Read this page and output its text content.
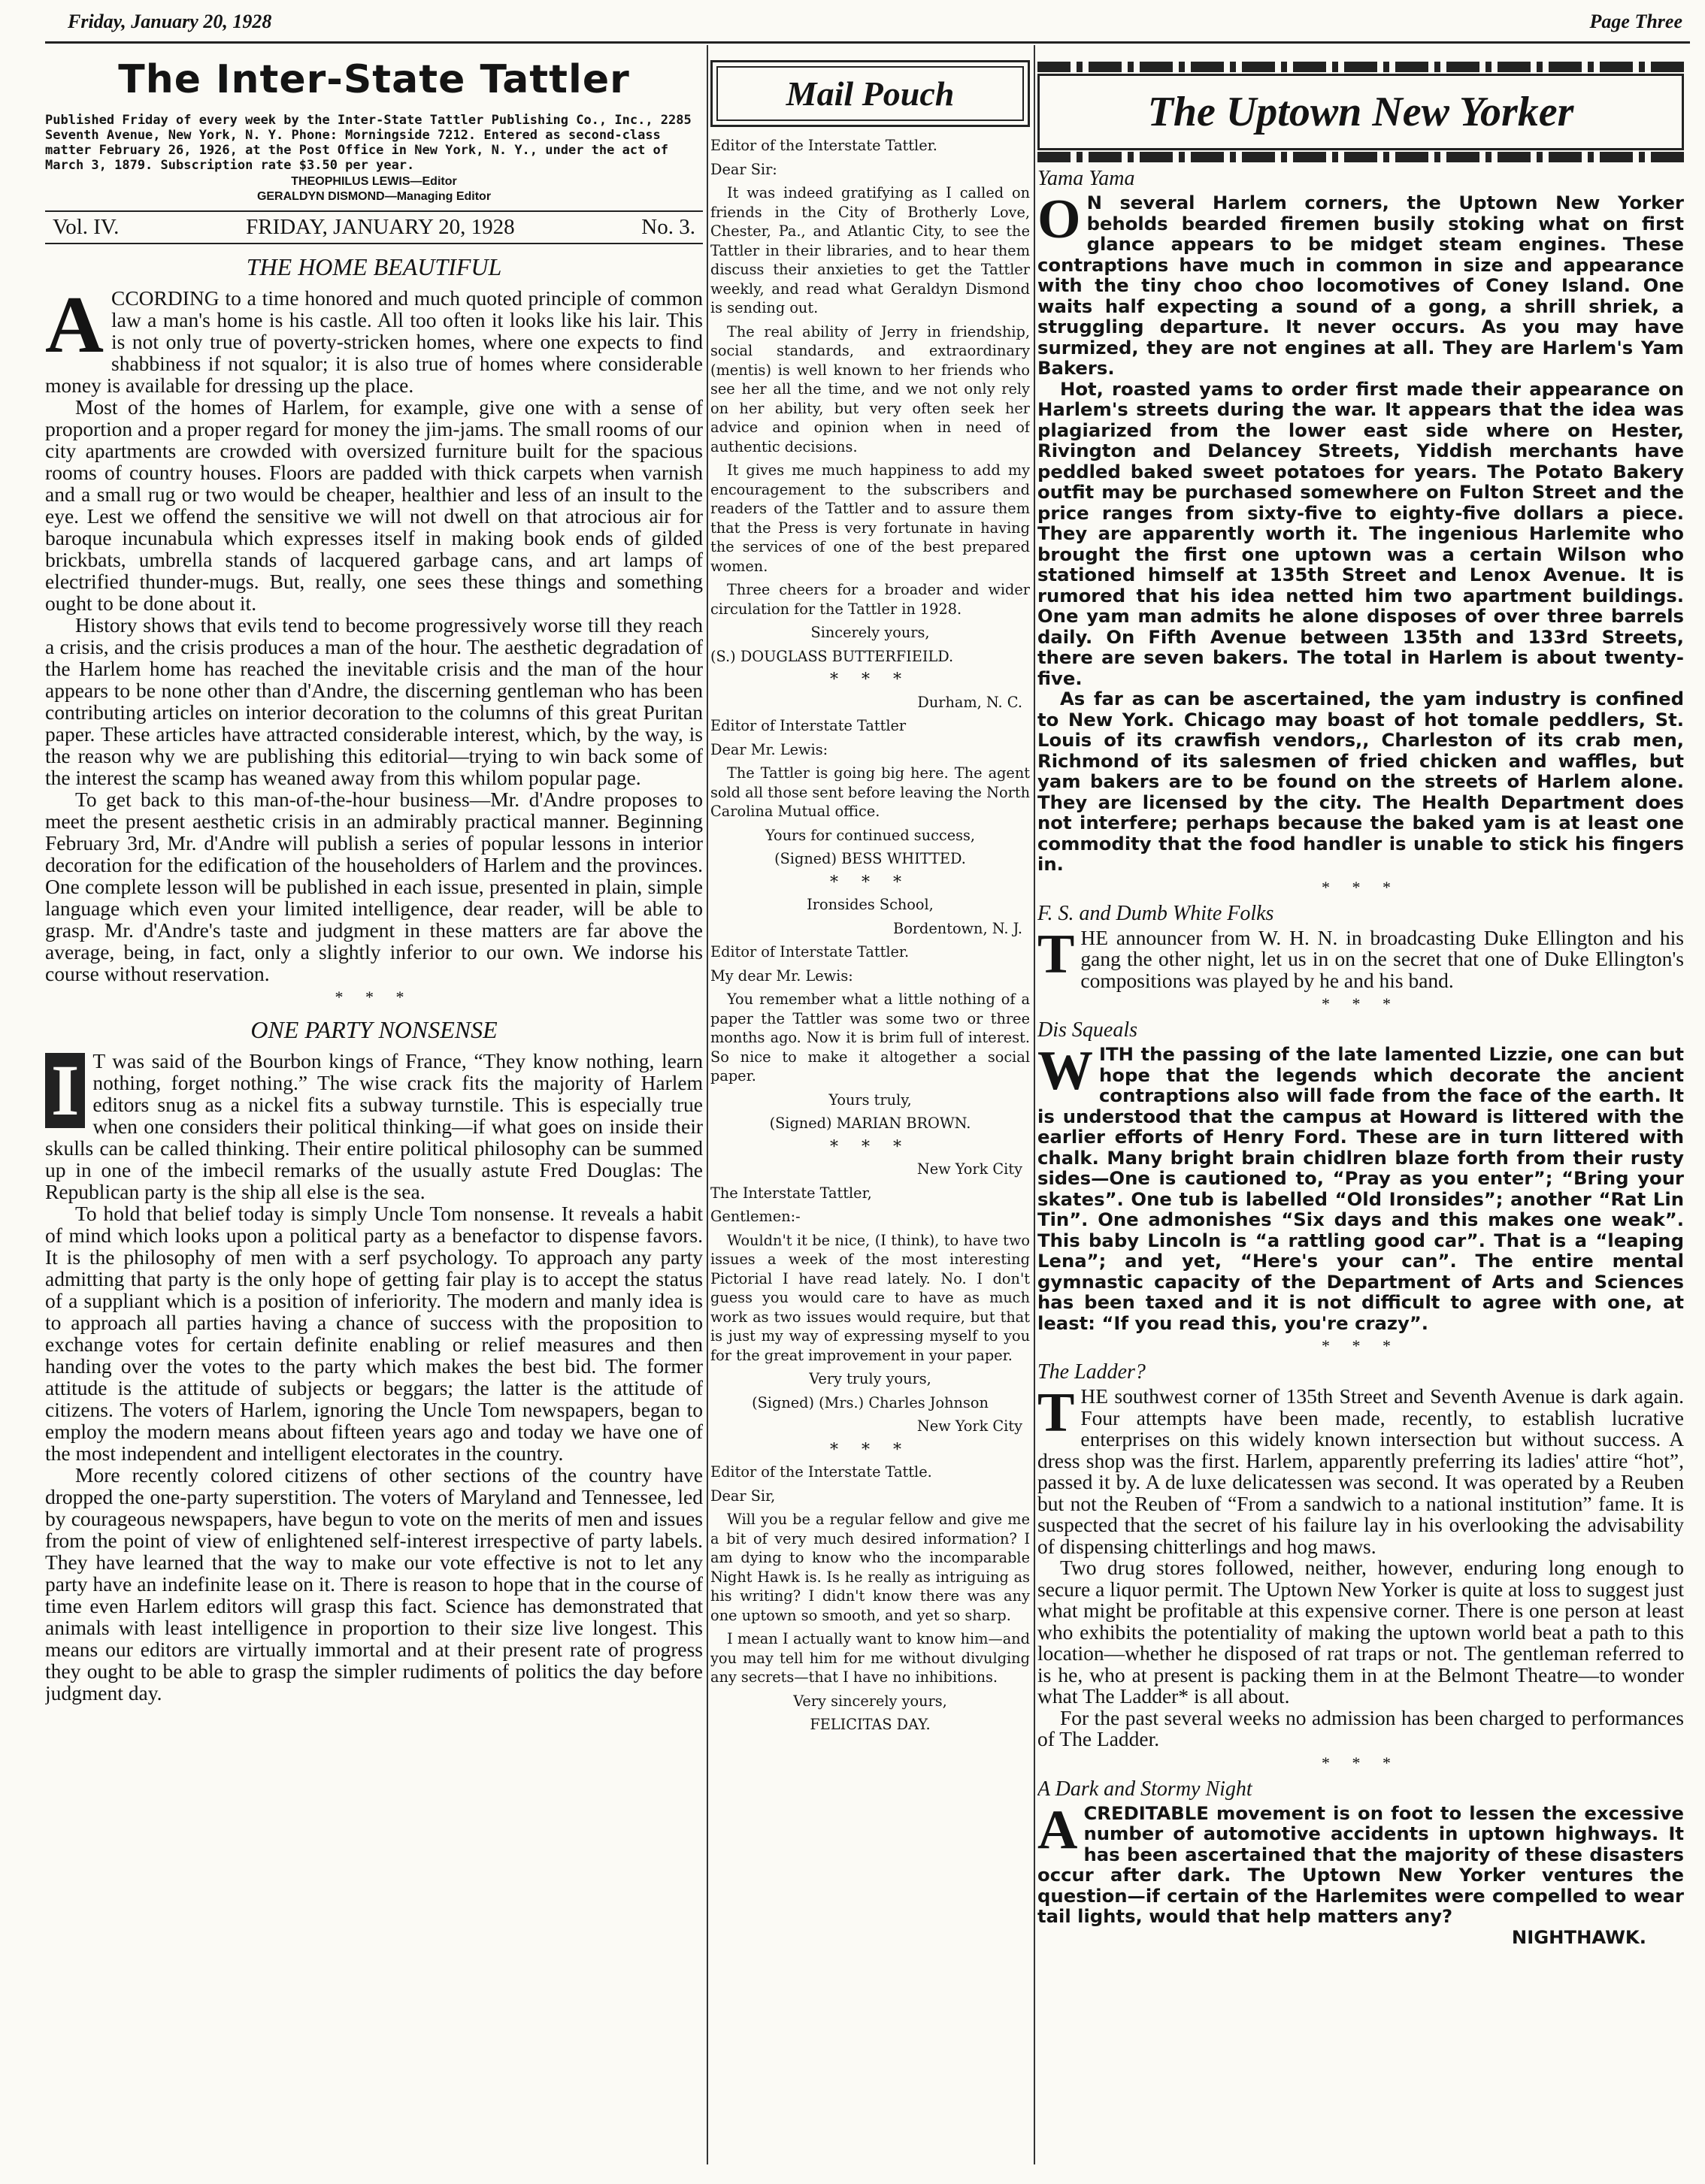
Friday, January 20, 1928	Page Three
The Inter-State Tattler
Published Friday of every week by the Inter-State Tattler Publishing Co., Inc., 2285 Seventh Avenue, New York, N. Y. Phone: Morningside 7212. Entered as second-class matter February 26, 1926, at the Post Office in New York, N. Y., under the act of March 3, 1879. Subscription rate $3.50 per year.
THEOPHILUS LEWIS—Editor
GERALDYN DISMOND—Managing Editor
Vol. IV.	FRIDAY, JANUARY 20, 1928	No. 3.
THE HOME BEAUTIFUL

ACCORDING to a time honored and much quoted principle of common law a man's home is his castle. All too often it looks like his lair. This is not only true of poverty-stricken homes, where one expects to find shabbiness if not squalor; it is also true of homes where considerable money is available for dressing up the place.

Most of the homes of Harlem, for example, give one with a sense of proportion and a proper regard for money the jim-jams. The small rooms of our city apartments are crowded with oversized furniture built for the spacious rooms of country houses. Floors are padded with thick carpets when varnish and a small rug or two would be cheaper, healthier and less of an insult to the eye. Lest we offend the sensitive we will not dwell on that atrocious air for baroque incunabula which expresses itself in making book ends of gilded brickbats, umbrella stands of lacquered garbage cans, and art lamps of electrified thunder-mugs. But, really, one sees these things and something ought to be done about it.

History shows that evils tend to become progressively worse till they reach a crisis, and the crisis produces a man of the hour. The aesthetic degradation of the Harlem home has reached the inevitable crisis and the man of the hour appears to be none other than d'Andre, the discerning gentleman who has been contributing articles on interior decoration to the columns of this great Puritan paper. These articles have attracted considerable interest, which, by the way, is the reason why we are publishing this editorial—trying to win back some of the interest the scamp has weaned away from this whilom popular page.

To get back to this man-of-the-hour business—Mr. d'Andre proposes to meet the present aesthetic crisis in an admirably practical manner. Beginning February 3rd, Mr. d'Andre will publish a series of popular lessons in interior decoration for the edification of the householders of Harlem and the provinces. One complete lesson will be published in each issue, presented in plain, simple language which even your limited intelligence, dear reader, will be able to grasp. Mr. d'Andre's taste and judgment in these matters are far above the average, being, in fact, only a slightly inferior to our own. We indorse his course without reservation.

* * *
ONE PARTY NONSENSE

I T was said of the Bourbon kings of France, “They know nothing, learn nothing, forget nothing.” The wise crack fits the majority of Harlem editors snug as a nickel fits a subway turnstile. This is especially true when one considers their political thinking—if what goes on inside their skulls can be called thinking. Their entire political philosophy can be summed up in one of the imbecil remarks of the usually astute Fred Douglas: The Republican party is the ship all else is the sea.

To hold that belief today is simply Uncle Tom nonsense. It reveals a habit of mind which looks upon a political party as a benefactor to dispense favors. It is the philosophy of men with a serf psychology. To approach any party admitting that party is the only hope of getting fair play is to accept the status of a suppliant which is a position of inferiority. The modern and manly idea is to approach all parties having a chance of success with the proposition to exchange votes for certain definite enabling or relief measures and then handing over the votes to the party which makes the best bid. The former attitude is the attitude of subjects or beggars; the latter is the attitude of citizens. The voters of Harlem, ignoring the Uncle Tom newspapers, began to employ the modern means about fifteen years ago and today we have one of the most independent and intelligent electorates in the country.

More recently colored citizens of other sections of the country have dropped the one-party superstition. The voters of Maryland and Tennessee, led by courageous newspapers, have begun to vote on the merits of men and issues from the point of view of enlightened self-interest irrespective of party labels. They have learned that the way to make our vote effective is not to let any party have an indefinite lease on it. There is reason to hope that in the course of time even Harlem editors will grasp this fact. Science has demonstrated that animals with least intelligence in proportion to their size live longest. This means our editors are virtually immortal and at their present rate of progress they ought to be able to grasp the simpler rudiments of politics the day before judgment day.

Mail Pouch

Editor of the Interstate Tattler.

Dear Sir:

It was indeed gratifying as I called on friends in the City of Brotherly Love, Chester, Pa., and Atlantic City, to see the Tattler in their libraries, and to hear them discuss their anxieties to get the Tattler weekly, and read what Geraldyn Dismond is sending out.

The real ability of Jerry in friendship, social standards, and extraordinary (mentis) is well known to her friends who see her all the time, and we not only rely on her ability, but very often seek her advice and opinion when in need of authentic decisions.

It gives me much happiness to add my encouragement to the subscribers and readers of the Tattler and to assure them that the Press is very fortunate in having the services of one of the best prepared women.

Three cheers for a broader and wider circulation for the Tattler in 1928.

Sincerely yours,

(S.) DOUGLASS BUTTERFIEILD.

* * *

Durham, N. C.

Editor of Interstate Tattler

Dear Mr. Lewis:

The Tattler is going big here. The agent sold all those sent before leaving the North Carolina Mutual office.

Yours for continued success,

(Signed) BESS WHITTED.

* * *

Ironsides School,

Bordentown, N. J.

Editor of Interstate Tattler.

My dear Mr. Lewis:

You remember what a little nothing of a paper the Tattler was some two or three months ago. Now it is brim full of interest. So nice to make it altogether a social paper.

Yours truly,

(Signed) MARIAN BROWN.

* * *

New York City

The Interstate Tattler,

Gentlemen:-

Wouldn't it be nice, (I think), to have two issues a week of the most interesting Pictorial I have read lately. No. I don't guess you would care to have as much work as two issues would require, but that is just my way of expressing myself to you for the great improvement in your paper.

Very truly yours,

(Signed) (Mrs.) Charles Johnson

New York City

* * *

Editor of the Interstate Tattle.

Dear Sir,

Will you be a regular fellow and give me a bit of very much desired information? I am dying to know who the incomparable Night Hawk is. Is he really as intriguing as his writing? I didn't know there was any one uptown so smooth, and yet so sharp.

I mean I actually want to know him—and you may tell him for me without divulging any secrets—that I have no inhibitions.

Very sincerely yours,

FELICITAS DAY.

The Uptown New Yorker
Yama Yama

O N several Harlem corners, the Uptown New Yorker beholds bearded firemen busily stoking what on first glance appears to be midget steam engines. These contraptions have much in common in size and appearance with the tiny choo choo locomotives of Coney Island. One waits half expecting a sound of a gong, a shrill shriek, a struggling departure. It never occurs. As you may have surmized, they are not engines at all. They are Harlem's Yam Bakers.

Hot, roasted yams to order first made their appearance on Harlem's streets during the war. It appears that the idea was plagiarized from the lower east side where on Hester, Rivington and Delancey Streets, Yiddish merchants have peddled baked sweet potatoes for years. The Potato Bakery outfit may be purchased somewhere on Fulton Street and the price ranges from sixty-five to eighty-five dollars a piece. They are apparently worth it. The ingenious Harlemite who brought the first one uptown was a certain Wilson who stationed himself at 135th Street and Lenox Avenue. It is rumored that his idea netted him two apartment buildings. One yam man admits he alone disposes of over three barrels daily. On Fifth Avenue between 135th and 133rd Streets, there are seven bakers. The total in Harlem is about twenty-five.

As far as can be ascertained, the yam industry is confined to New York. Chicago may boast of hot tomale peddlers, St. Louis of its crawfish vendors,, Charleston of its crab men, Richmond of its salesmen of fried chicken and waffles, but yam bakers are to be found on the streets of Harlem alone. They are licensed by the city. The Health Department does not interfere; perhaps because the baked yam is at least one commodity that the food handler is unable to stick his fingers in.

* * *
F. S. and Dumb White Folks

THE announcer from W. H. N. in broadcasting Duke Ellington and his gang the other night, let us in on the secret that one of Duke Ellington's compositions was played by he and his band.

* * *
Dis Squeals

WITH the passing of the late lamented Lizzie, one can but hope that the legends which decorate the ancient contraptions also will fade from the face of the earth. It is understood that the campus at Howard is littered with the earlier efforts of Henry Ford. These are in turn littered with chalk. Many bright brain chidlren blaze forth from their rusty sides—One is cautioned to, “Pray as you enter”; “Bring your skates”. One tub is labelled “Old Ironsides”; another “Rat Lin Tin”. One admonishes “Six days and this makes one weak”. This baby Lincoln is “a rattling good car”. That is a “leaping Lena”; and yet, “Here's your can”. The entire mental gymnastic capacity of the Department of Arts and Sciences has been taxed and it is not difficult to agree with one, at least: “If you read this, you're crazy”.

* * *
The Ladder?

THE southwest corner of 135th Street and Seventh Avenue is dark again. Four attempts have been made, recently, to establish lucrative enterprises on this widely known intersection but without success. A dress shop was the first. Harlem, apparently preferring its ladies' attire “hot”, passed it by. A de luxe delicatessen was second. It was operated by a Reuben but not the Reuben of “From a sandwich to a national institution” fame. It is suspected that the secret of his failure lay in his overlooking the advisability of dispensing chitterlings and hog maws.

Two drug stores followed, neither, however, enduring long enough to secure a liquor permit. The Uptown New Yorker is quite at loss to suggest just what might be profitable at this expensive corner. There is one person at least who exhibits the potentiality of making the uptown world beat a path to this location—whether he disposed of rat traps or not. The gentleman referred to is he, who at present is packing them in at the Belmont Theatre—to wonder what The Ladder* is all about.

For the past several weeks no admission has been charged to performances of The Ladder.

* * *
A Dark and Stormy Night

ACREDITABLE movement is on foot to lessen the excessive number of automotive accidents in uptown highways. It has been ascertained that the majority of these disasters occur after dark. The Uptown New Yorker ventures the question—if certain of the Harlemites were compelled to wear tail lights, would that help matters any?

NIGHTHAWK.
